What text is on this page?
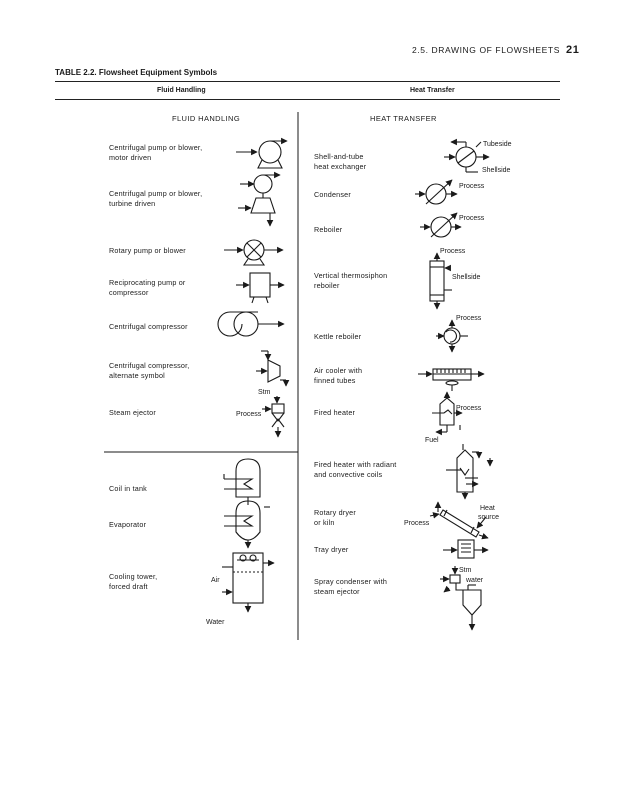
2.5. DRAWING OF FLOWSHEETS 21
TABLE 2.2. Flowsheet Equipment Symbols
Fluid Handling	Heat Transfer
FLUID HANDLING	HEAT TRANSFER
Centrifugal pump or blower,
motor driven
Centrifugal pump or blower,
turbine driven
Rotary pump or blower
Reciprocating pump or
compressor
Centrifugal compressor
Centrifugal compressor,
alternate symbol
Steam ejector
Coil in tank
Evaporator
Cooling tower,
forced draft
Shell-and-tube
heat exchanger
Condenser
Reboiler
Vertical thermosiphon
reboiler
Kettle reboiler
Air cooler with
finned tubes
Fired heater
Fired heater with radiant
and convective coils
Rotary dryer
or kiln
Tray dryer
Spray condenser with
steam ejector
Stm
Process
Air
Water
Tubeside
Shellside
Process
Process
Process
Shellside
Process
Process
Fuel
Heat source
Process
Stm
water
